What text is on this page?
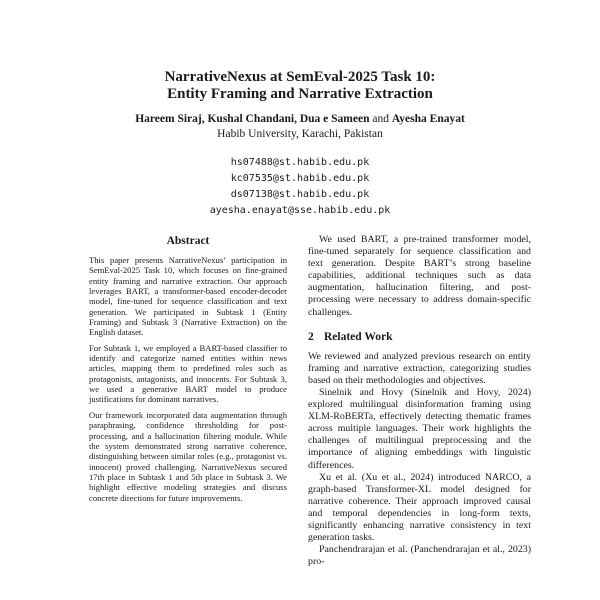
NarrativeNexus at SemEval-2025 Task 10:
Entity Framing and Narrative Extraction
Hareem Siraj, Kushal Chandani, Dua e Sameen and Ayesha Enayat
Habib University, Karachi, Pakistan
hs07488@st.habib.edu.pk
kc07535@st.habib.edu.pk
ds07138@st.habib.edu.pk
ayesha.enayat@sse.habib.edu.pk
Abstract

This paper presents NarrativeNexus’ participation in SemEval-2025 Task 10, which focuses on fine-grained entity framing and narrative extraction. Our approach leverages BART, a transformer-based encoder-decoder model, fine-tuned for sequence classification and text generation. We participated in Subtask 1 (Entity Framing) and Subtask 3 (Narrative Extraction) on the English dataset.

For Subtask 1, we employed a BART-based classifier to identify and categorize named entities within news articles, mapping them to predefined roles such as protagonists, antagonists, and innocents. For Subtask 3, we used a generative BART model to produce justifications for dominant narratives.

Our framework incorporated data augmentation through paraphrasing, confidence thresholding for post-processing, and a hallucination filtering module. While the system demonstrated strong narrative coherence, distinguishing between similar roles (e.g., protagonist vs. innocent) proved challenging. NarrativeNexus secured 17th place in Subtask 1 and 5th place in Subtask 3. We highlight effective modeling strategies and discuss concrete directions for future improvements.

We used BART, a pre-trained transformer model, fine-tuned separately for sequence classification and text generation. Despite BART’s strong baseline capabilities, additional techniques such as data augmentation, hallucination filtering, and post-processing were necessary to address domain-specific challenges.

2 Related Work

We reviewed and analyzed previous research on entity framing and narrative extraction, categorizing studies based on their methodologies and objectives.

Sinelnik and Hovy (Sinelnik and Hovy, 2024) explored multilingual disinformation framing using XLM-RoBERTa, effectively detecting thematic frames across multiple languages. Their work highlights the challenges of multilingual preprocessing and the importance of aligning embeddings with linguistic differences.

Xu et al. (Xu et al., 2024) introduced NARCO, a graph-based Transformer-XL model designed for narrative coherence. Their approach improved causal and temporal dependencies in long-form texts, significantly enhancing narrative consistency in text generation tasks.

Panchendrarajan et al. (Panchendrarajan et al., 2023) pro-
